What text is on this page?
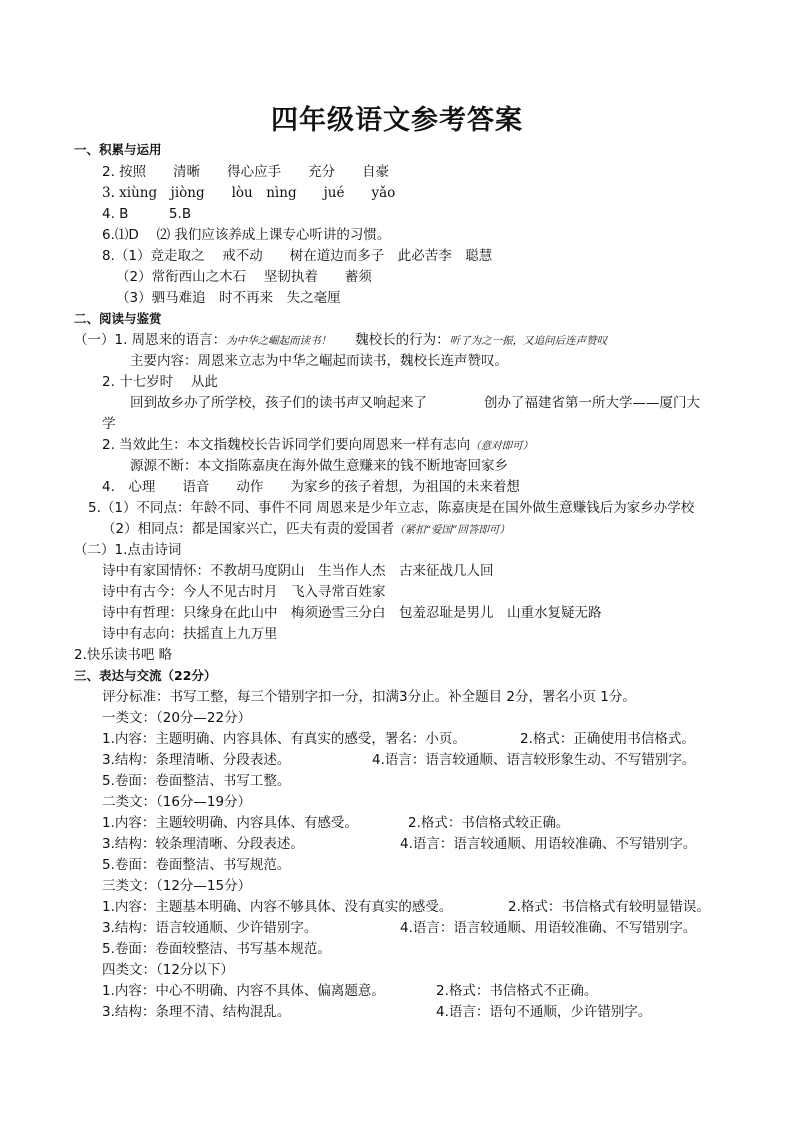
四年级语文参考答案
一、积累与运用
2. 按照　　清晰　　得心应手　　充分　　自豪
3. xiùng　jiòng　　lòu　nìng　　jué　　yǎo
4. B　　　5.B
6.⑴D　 ⑵ 我们应该养成上课专心听讲的习惯。
8.（1）竞走取之　 戒不动　　树在道边而多子　此必苦李　聪慧
（2）常衔西山之木石　 坚韧执着　　蓄须
（3）驷马难追　时不再来　失之毫厘
二、阅读与鉴赏
（一）1. 周恩来的语言：为中华之崛起而读书！ 魏校长的行为：听了为之一振，又追问后连声赞叹
主要内容：周恩来立志为中华之崛起而读书，魏校长连声赞叹。
2. 十七岁时　 从此
回到故乡办了所学校，孩子们的读书声又响起来了	创办了福建省第一所大学——厦门大
学
2. 当效此生：本文指魏校长告诉同学们要向周恩来一样有志向（意对即可）
源源不断：本文指陈嘉庚在海外做生意赚来的钱不断地寄回家乡
4.　心理　　语音　　动作　　为家乡的孩子着想，为祖国的未来着想
5.（1）不同点：年龄不同、事件不同 周恩来是少年立志，陈嘉庚是在国外做生意赚钱后为家乡办学校
（2）相同点：都是国家兴亡，匹夫有责的爱国者（紧扣“爱国”回答即可）
（二）1.点击诗词
诗中有家国情怀：不教胡马度阴山　生当作人杰　古来征战几人回
诗中有古今：今人不见古时月　飞入寻常百姓家
诗中有哲理：只缘身在此山中　梅须逊雪三分白　包羞忍耻是男儿　山重水复疑无路
诗中有志向：扶摇直上九万里
2.快乐读书吧 略
三、表达与交流（22分）
评分标准：书写工整，每三个错别字扣一分，扣满3分止。补全题目 2分，署名小页 1分。
一类文：（20分—22分）
1.内容：主题明确、内容具体、有真实的感受，署名：小页。	2.格式：正确使用书信格式。
3.结构：条理清晰、分段表述。	4.语言：语言较通顺、语言较形象生动、不写错别字。
5.卷面：卷面整洁、书写工整。
二类文：（16分—19分）
1.内容：主题较明确、内容具体、有感受。	2.格式：书信格式较正确。
3.结构：较条理清晰、分段表述。	4.语言：语言较通顺、用语较准确、不写错别字。
5.卷面：卷面整洁、书写规范。
三类文：（12分—15分）
1.内容：主题基本明确、内容不够具体、没有真实的感受。	2.格式：书信格式有较明显错误。
3.结构：语言较通顺、少许错别字。	4.语言：语言较通顺、用语较准确、不写错别字。
5.卷面：卷面较整洁、书写基本规范。
四类文：（12分以下）
1.内容：中心不明确、内容不具体、偏离题意。	2.格式：书信格式不正确。
3.结构：条理不清、结构混乱。	4.语言：语句不通顺，少许错别字。
